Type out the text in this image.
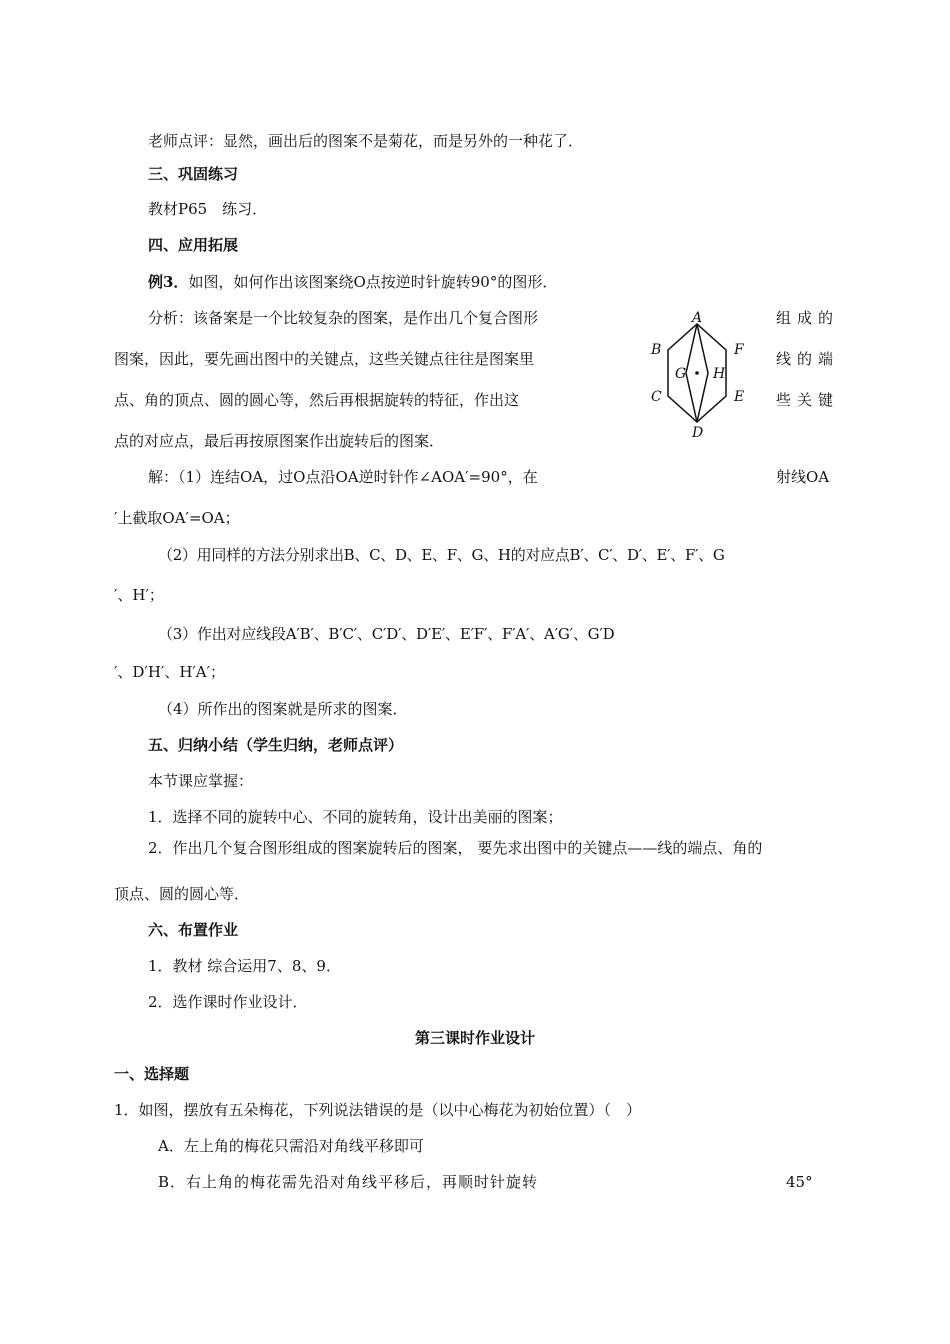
老师点评：显然，画出后的图案不是菊花，而是另外的一种花了．
三、巩固练习
教材P65　练习．
四、应用拓展
例3．如图，如何作出该图案绕O点按逆时针旋转90°的图形．
分析：该备案是一个比较复杂的图案，是作出几个复合图形	组成的
图案，因此，要先画出图中的关键点，这些关键点往往是图案里	线的端
点、角的顶点、圆的圆心等，然后再根据旋转的特征，作出这	些关键
点的对应点，最后再按原图案作出旋转后的图案．
A
B	F
G H
C	E
D
解：（1）连结OA，过O点沿OA逆时针作∠AOA′=90°，在	射线OA
′上截取OA′=OA；
（2）用同样的方法分别求出B、C、D、E、F、G、H的对应点B′、C′、D′、E′、F′、G
′、H′；
（3）作出对应线段A′B′、B′C′、C′D′、D′E′、E′F′、F′A′、A′G′、G′D
′、D′H′、H′A′；
（4）所作出的图案就是所求的图案．
五、归纳小结（学生归纳，老师点评）
本节课应掌握：
1．选择不同的旋转中心、不同的旋转角，设计出美丽的图案；
2．作出几个复合图形组成的图案旋转后的图案， 要先求出图中的关键点——线的端点、角的
顶点、圆的圆心等．
六、布置作业
1．教材 综合运用7、8、9．
2．选作课时作业设计．
第三课时作业设计
一、选择题
1．如图，摆放有五朵梅花，下列说法错误的是（以中心梅花为初始位置）（　）
A．左上角的梅花只需沿对角线平移即可
B．右上角的梅花需先沿对角线平移后，再顺时针旋转	45°
